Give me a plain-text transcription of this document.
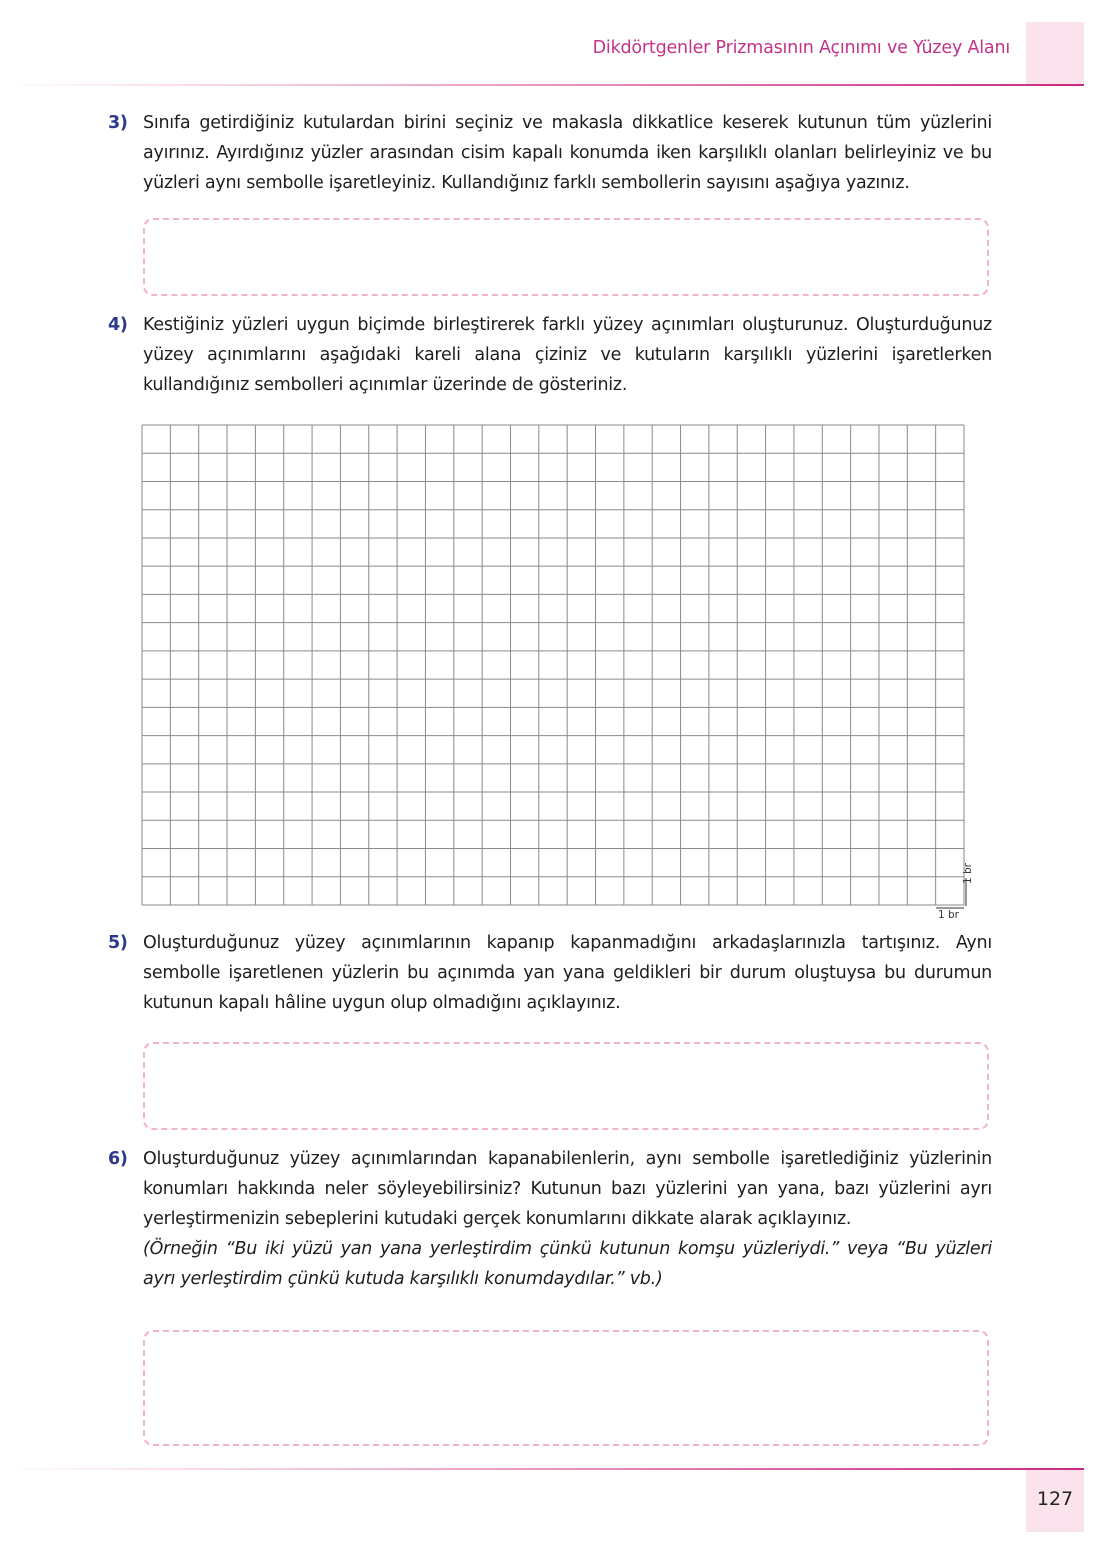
Dikdörtgenler Prizmasının Açınımı ve Yüzey Alanı
3) Sınıfa getirdiğiniz kutulardan birini seçiniz ve makasla dikkatlice keserek kutunun tüm yüzlerini ayırınız. Ayırdığınız yüzler arasından cisim kapalı konumda iken karşılıklı olanları belirleyiniz ve bu yüzleri aynı sembolle işaretleyiniz. Kullandığınız farklı sembollerin sayısını aşağıya yazınız.
4) Kestiğiniz yüzleri uygun biçimde birleştirerek farklı yüzey açınımları oluşturunuz. Oluşturduğunuz yüzey açınımlarını aşağıdaki kareli alana çiziniz ve kutuların karşılıklı yüzlerini işaretlerken kullandığınız sembolleri açınımlar üzerinde de gösteriniz.
1 br
1 br
5) Oluşturduğunuz yüzey açınımlarının kapanıp kapanmadığını arkadaşlarınızla tartışınız. Aynı sembolle işaretlenen yüzlerin bu açınımda yan yana geldikleri bir durum oluştuysa bu durumun kutunun kapalı hâline uygun olup olmadığını açıklayınız.
6) Oluşturduğunuz yüzey açınımlarından kapanabilenlerin, aynı sembolle işaretlediğiniz yüzlerinin konumları hakkında neler söyleyebilirsiniz? Kutunun bazı yüzlerini yan yana, bazı yüzlerini ayrı yerleştirmenizin sebeplerini kutudaki gerçek konumlarını dikkate alarak açıklayınız.
(Örneğin “Bu iki yüzü yan yana yerleştirdim çünkü kutunun komşu yüzleriydi.” veya “Bu yüzleri ayrı yerleştirdim çünkü kutuda karşılıklı konumdaydılar.” vb.)
127
